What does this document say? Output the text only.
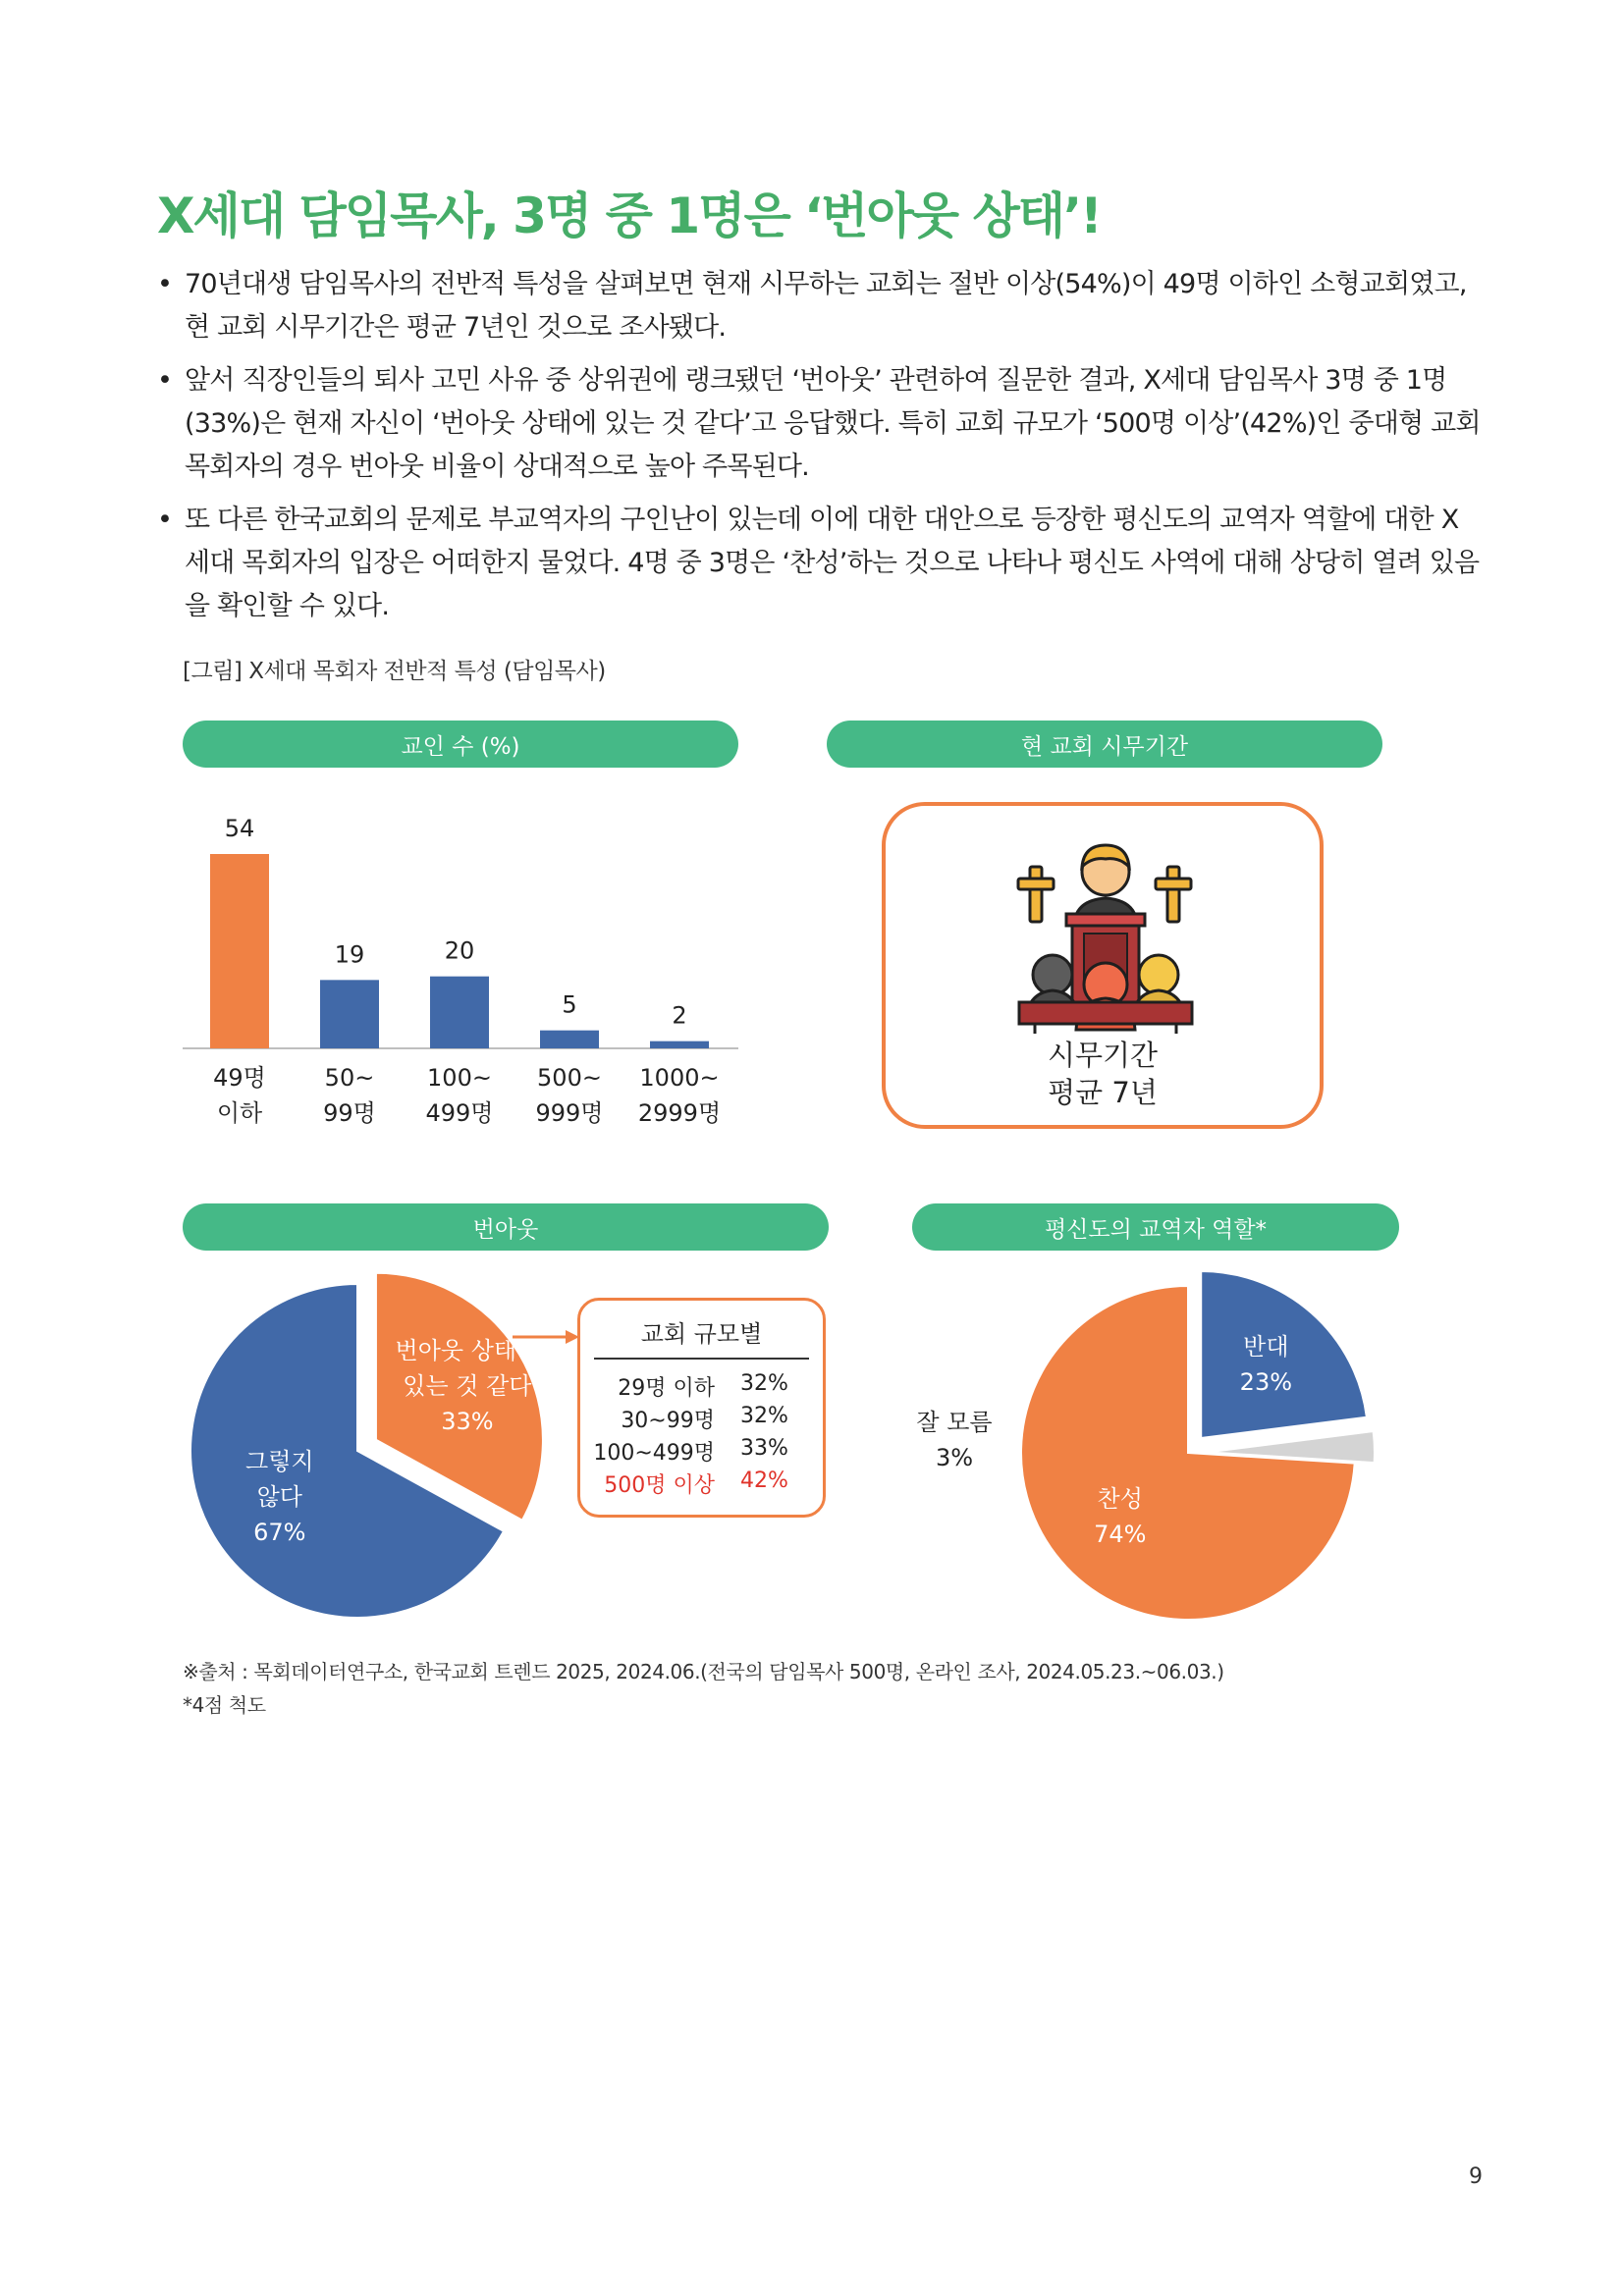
X세대 담임목사, 3명 중 1명은 ‘번아웃 상태’!
• 70년대생 담임목사의 전반적 특성을 살펴보면 현재 시무하는 교회는 절반 이상(54%)이 49명 이하인 소형교회였고, 현 교회 시무기간은 평균 7년인 것으로 조사됐다.
• 앞서 직장인들의 퇴사 고민 사유 중 상위권에 랭크됐던 ‘번아웃’ 관련하여 질문한 결과, X세대 담임목사 3명 중 1명(33%)은 현재 자신이 ‘번아웃 상태에 있는 것 같다’고 응답했다. 특히 교회 규모가 ‘500명 이상’(42%)인 중대형 교회 목회자의 경우 번아웃 비율이 상대적으로 높아 주목된다.
• 또 다른 한국교회의 문제로 부교역자의 구인난이 있는데 이에 대한 대안으로 등장한 평신도의 교역자 역할에 대한 X세대 목회자의 입장은 어떠한지 물었다. 4명 중 3명은 ‘찬성’하는 것으로 나타나 평신도 사역에 대해 상당히 열려 있음을 확인할 수 있다.
[그림] X세대 목회자 전반적 특성 (담임목사)
교인 수 (%)	현 교회 시무기간
번아웃	평신도의 교역자 역할*
54
49명
이하
19
50~
99명
20
100~
499명
5
500~
999명
2
1000~
2999명
시무기간
평균 7년
번아웃 상태에
있는 것 같다
33%
그렇지
않다
67%
교회 규모별
29명 이하 32%
30~99명 32%
100~499명 33%
500명 이상 42%
반대
23%
잘 모름
3%
찬성
74%
※출처 : 목회데이터연구소, 한국교회 트렌드 2025, 2024.06.(전국의 담임목사 500명, 온라인 조사, 2024.05.23.~06.03.)
*4점 척도
9
